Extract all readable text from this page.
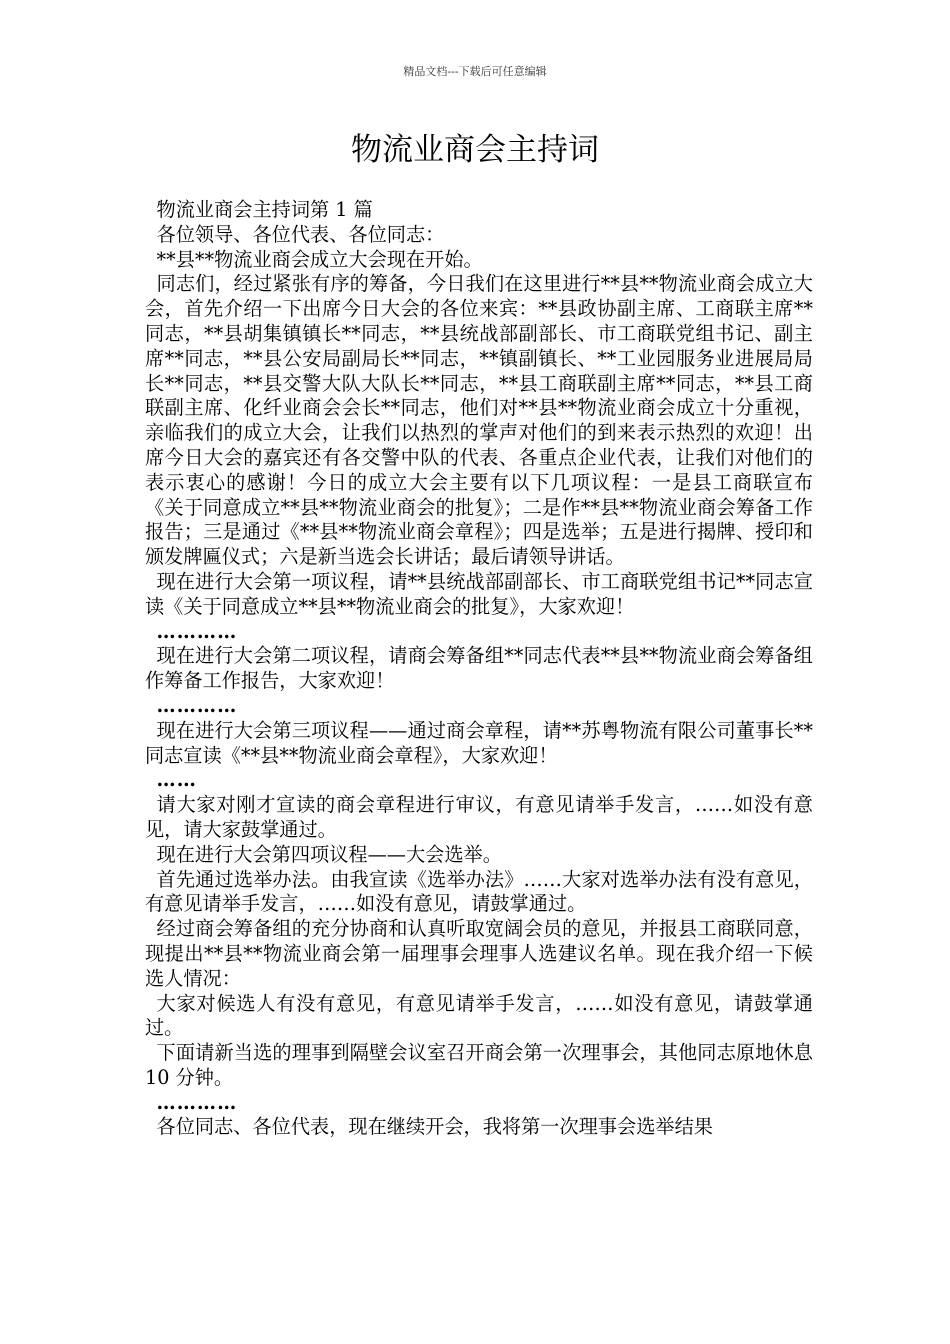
精品文档---下载后可任意编辑
物流业商会主持词

物流业商会主持词第 1 篇

各位领导、各位代表、各位同志：

**县**物流业商会成立大会现在开始。

同志们，经过紧张有序的筹备，今日我们在这里进行**县**物流业商会成立大会，首先介绍一下出席今日大会的各位来宾：**县政协副主席、工商联主席**同志，**县胡集镇镇长**同志，**县统战部副部长、市工商联党组书记、副主席**同志，**县公安局副局长**同志，**镇副镇长、**工业园服务业进展局局长**同志，**县交警大队大队长**同志，**县工商联副主席**同志，**县工商联副主席、化纤业商会会长**同志，他们对**县**物流业商会成立十分重视，亲临我们的成立大会，让我们以热烈的掌声对他们的到来表示热烈的欢迎！出席今日大会的嘉宾还有各交警中队的代表、各重点企业代表，让我们对他们的表示衷心的感谢！今日的成立大会主要有以下几项议程：一是县工商联宣布《关于同意成立**县**物流业商会的批复》；二是作**县**物流业商会筹备工作报告；三是通过《**县**物流业商会章程》；四是选举；五是进行揭牌、授印和颁发牌匾仪式；六是新当选会长讲话；最后请领导讲话。

现在进行大会第一项议程，请**县统战部副部长、市工商联党组书记**同志宣读《关于同意成立**县**物流业商会的批复》，大家欢迎！

…………

现在进行大会第二项议程，请商会筹备组**同志代表**县**物流业商会筹备组作筹备工作报告，大家欢迎！

…………

现在进行大会第三项议程——通过商会章程，请**苏粤物流有限公司董事长**同志宣读《**县**物流业商会章程》，大家欢迎！

……

请大家对刚才宣读的商会章程进行审议，有意见请举手发言，……如没有意见，请大家鼓掌通过。

现在进行大会第四项议程——大会选举。

首先通过选举办法。由我宣读《选举办法》……大家对选举办法有没有意见，有意见请举手发言，……如没有意见，请鼓掌通过。

经过商会筹备组的充分协商和认真听取宽阔会员的意见，并报县工商联同意，现提出**县**物流业商会第一届理事会理事人选建议名单。现在我介绍一下候选人情况：

大家对候选人有没有意见，有意见请举手发言，……如没有意见，请鼓掌通过。

下面请新当选的理事到隔壁会议室召开商会第一次理事会，其他同志原地休息 10 分钟。

…………

各位同志、各位代表，现在继续开会，我将第一次理事会选举结果
